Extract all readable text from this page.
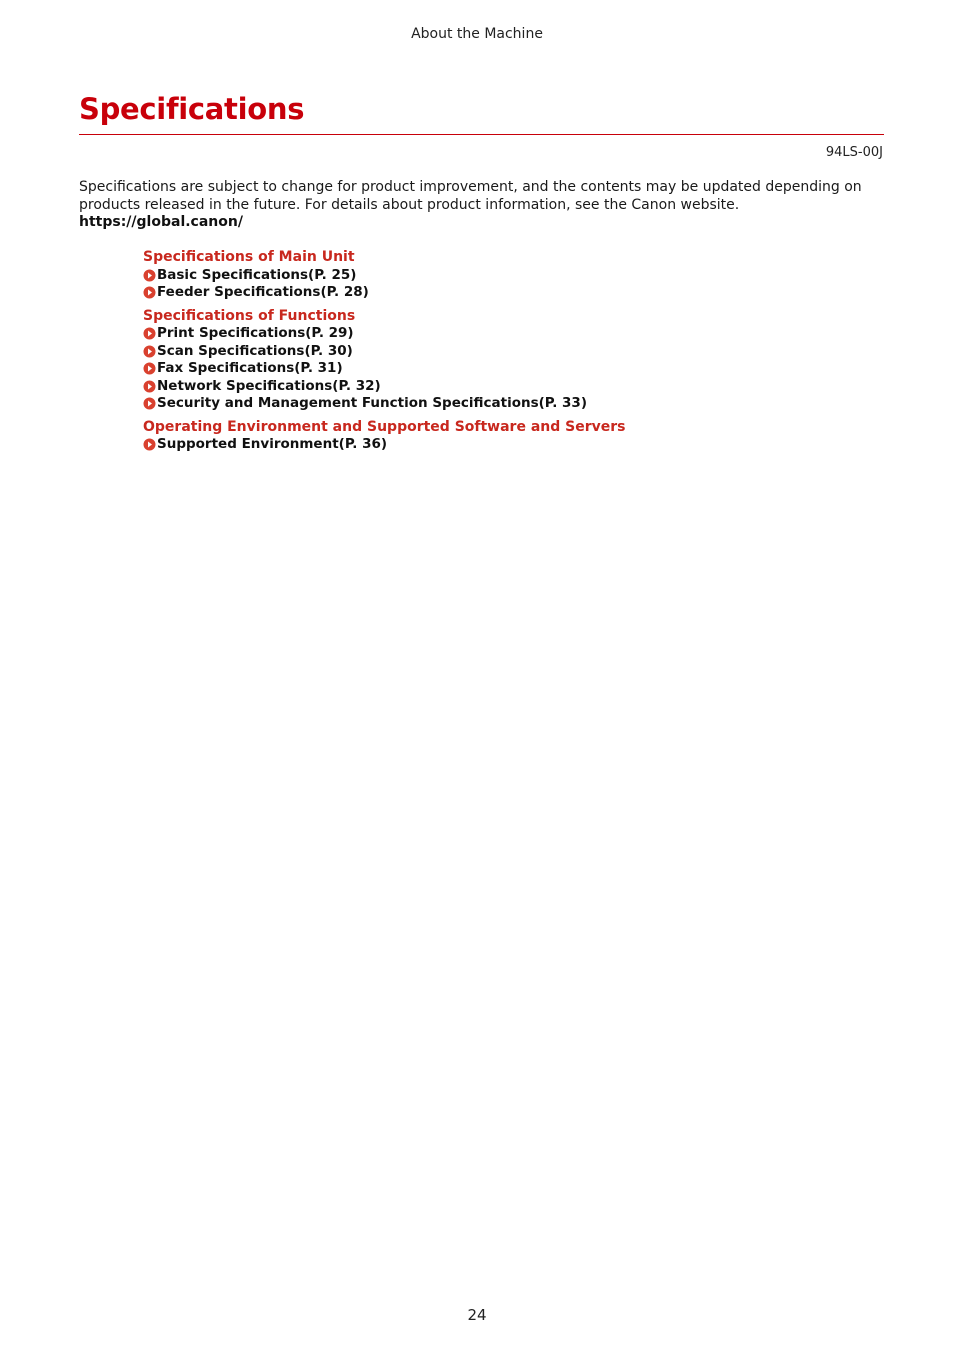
About the Machine
Specifications
94LS-00J

Specifications are subject to change for product improvement, and the contents may be updated depending on products released in the future. For details about product information, see the Canon website.

https://global.canon/

Specifications of Main Unit
Basic Specifications(P. 25)
Feeder Specifications(P. 28)
Specifications of Functions
Print Specifications(P. 29)
Scan Specifications(P. 30)
Fax Specifications(P. 31)
Network Specifications(P. 32)
Security and Management Function Specifications(P. 33)
Operating Environment and Supported Software and Servers
Supported Environment(P. 36)
24
